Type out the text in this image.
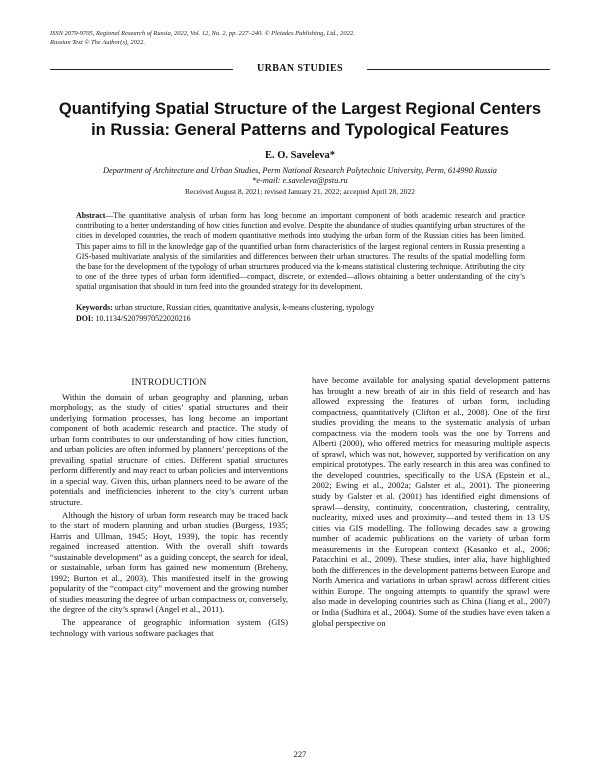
ISSN 2079-9705, Regional Research of Russia, 2022, Vol. 12, No. 2, pp. 227–240. © Pleiades Publishing, Ltd., 2022.
Russian Text © The Author(s), 2022.
URBAN STUDIES
Quantifying Spatial Structure of the Largest Regional Centers in Russia: General Patterns and Typological Features
E. O. Saveleva*
Department of Architecture and Urban Studies, Perm National Research Polytechnic University, Perm, 614990 Russia
*e-mail: e.saveleva@pstu.ru
Received August 8, 2021; revised January 21, 2022; accepted April 28, 2022
Abstract—The quantitative analysis of urban form has long become an important component of both academic research and practice contributing to a better understanding of how cities function and evolve. Despite the abundance of studies quantifying urban structures of the cities in developed countries, the reach of modern quantitative methods into studying the urban form of the Russian cities has been limited. This paper aims to fill in the knowledge gap of the quantified urban form characteristics of the largest regional centers in Russia presenting a GIS-based multivariate analysis of the similarities and differences between their urban structures. The results of the spatial modelling form the base for the development of the typology of urban structures produced via the k-means statistical clustering technique. Attributing the city to one of the three types of urban form identified—compact, discrete, or extended—allows obtaining a better understanding of the city’s spatial organisation that should in turn feed into the grounded strategy for its development.
Keywords: urban structure, Russian cities, quantitative analysis, k-means clustering, typology
DOI: 10.1134/S2079970522020216
INTRODUCTION

Within the domain of urban geography and planning, urban morphology, as the study of cities’ spatial structures and their underlying formation processes, has long become an important component of both academic research and practice. The study of urban form contributes to our understanding of how cities function, and urban policies are often informed by planners’ perceptions of the prevailing spatial structure of cities. Different spatial structures perform differently and may react to urban policies and interventions in a special way. Given this, urban planners need to be aware of the potentials and inefficiencies inherent to the city’s current urban structure.

Although the history of urban form research may be traced back to the start of modern planning and urban studies (Burgess, 1935; Harris and Ullman, 1945; Hoyt, 1939), the topic has recently regained increased attention. With the overall shift towards “sustainable development” as a guiding concept, the search for ideal, or sustainable, urban form has gained new momentum (Breheny, 1992; Burton et al., 2003). This manifested itself in the growing popularity of the “compact city” movement and the growing number of studies measuring the degree of urban compactness or, conversely, the degree of the city’s sprawl (Angel et al., 2011).

The appearance of geographic information system (GIS) technology with various software packages that

have become available for analysing spatial development patterns has brought a new breath of air in this field of research and has allowed expressing the features of urban form, including compactness, quantitatively (Clifton et al., 2008). One of the first studies providing the means to the systematic analysis of urban compactness via the modern tools was the one by Torrens and Alberti (2000), who offered metrics for measuring multiple aspects of sprawl, which was not, however, supported by verification on any empirical prototypes. The early research in this area was confined to the developed countries, specifically to the USA (Epstein et al., 2002; Ewing et al., 2002a; Galster et al., 2001). The pioneering study by Galster et al. (2001) has identified eight dimensions of sprawl—density, continuity, concentration, clustering, centrality, nuclearity, mixed uses and proximity—and tested them in 13 US cities via GIS modelling. The following decades saw a growing number of academic publications on the variety of urban form measurements in the European context (Kasanko et al., 2006; Patacchini et al., 2009). These studies, inter alia, have highlighted both the differences in the development patterns between Europe and North America and variations in urban sprawl across different cities within Europe. The ongoing attempts to quantify the sprawl were also made in developing countries such as China (Jiang et al., 2007) or India (Sudhira et al., 2004). Some of the studies have even taken a global perspective on

227
